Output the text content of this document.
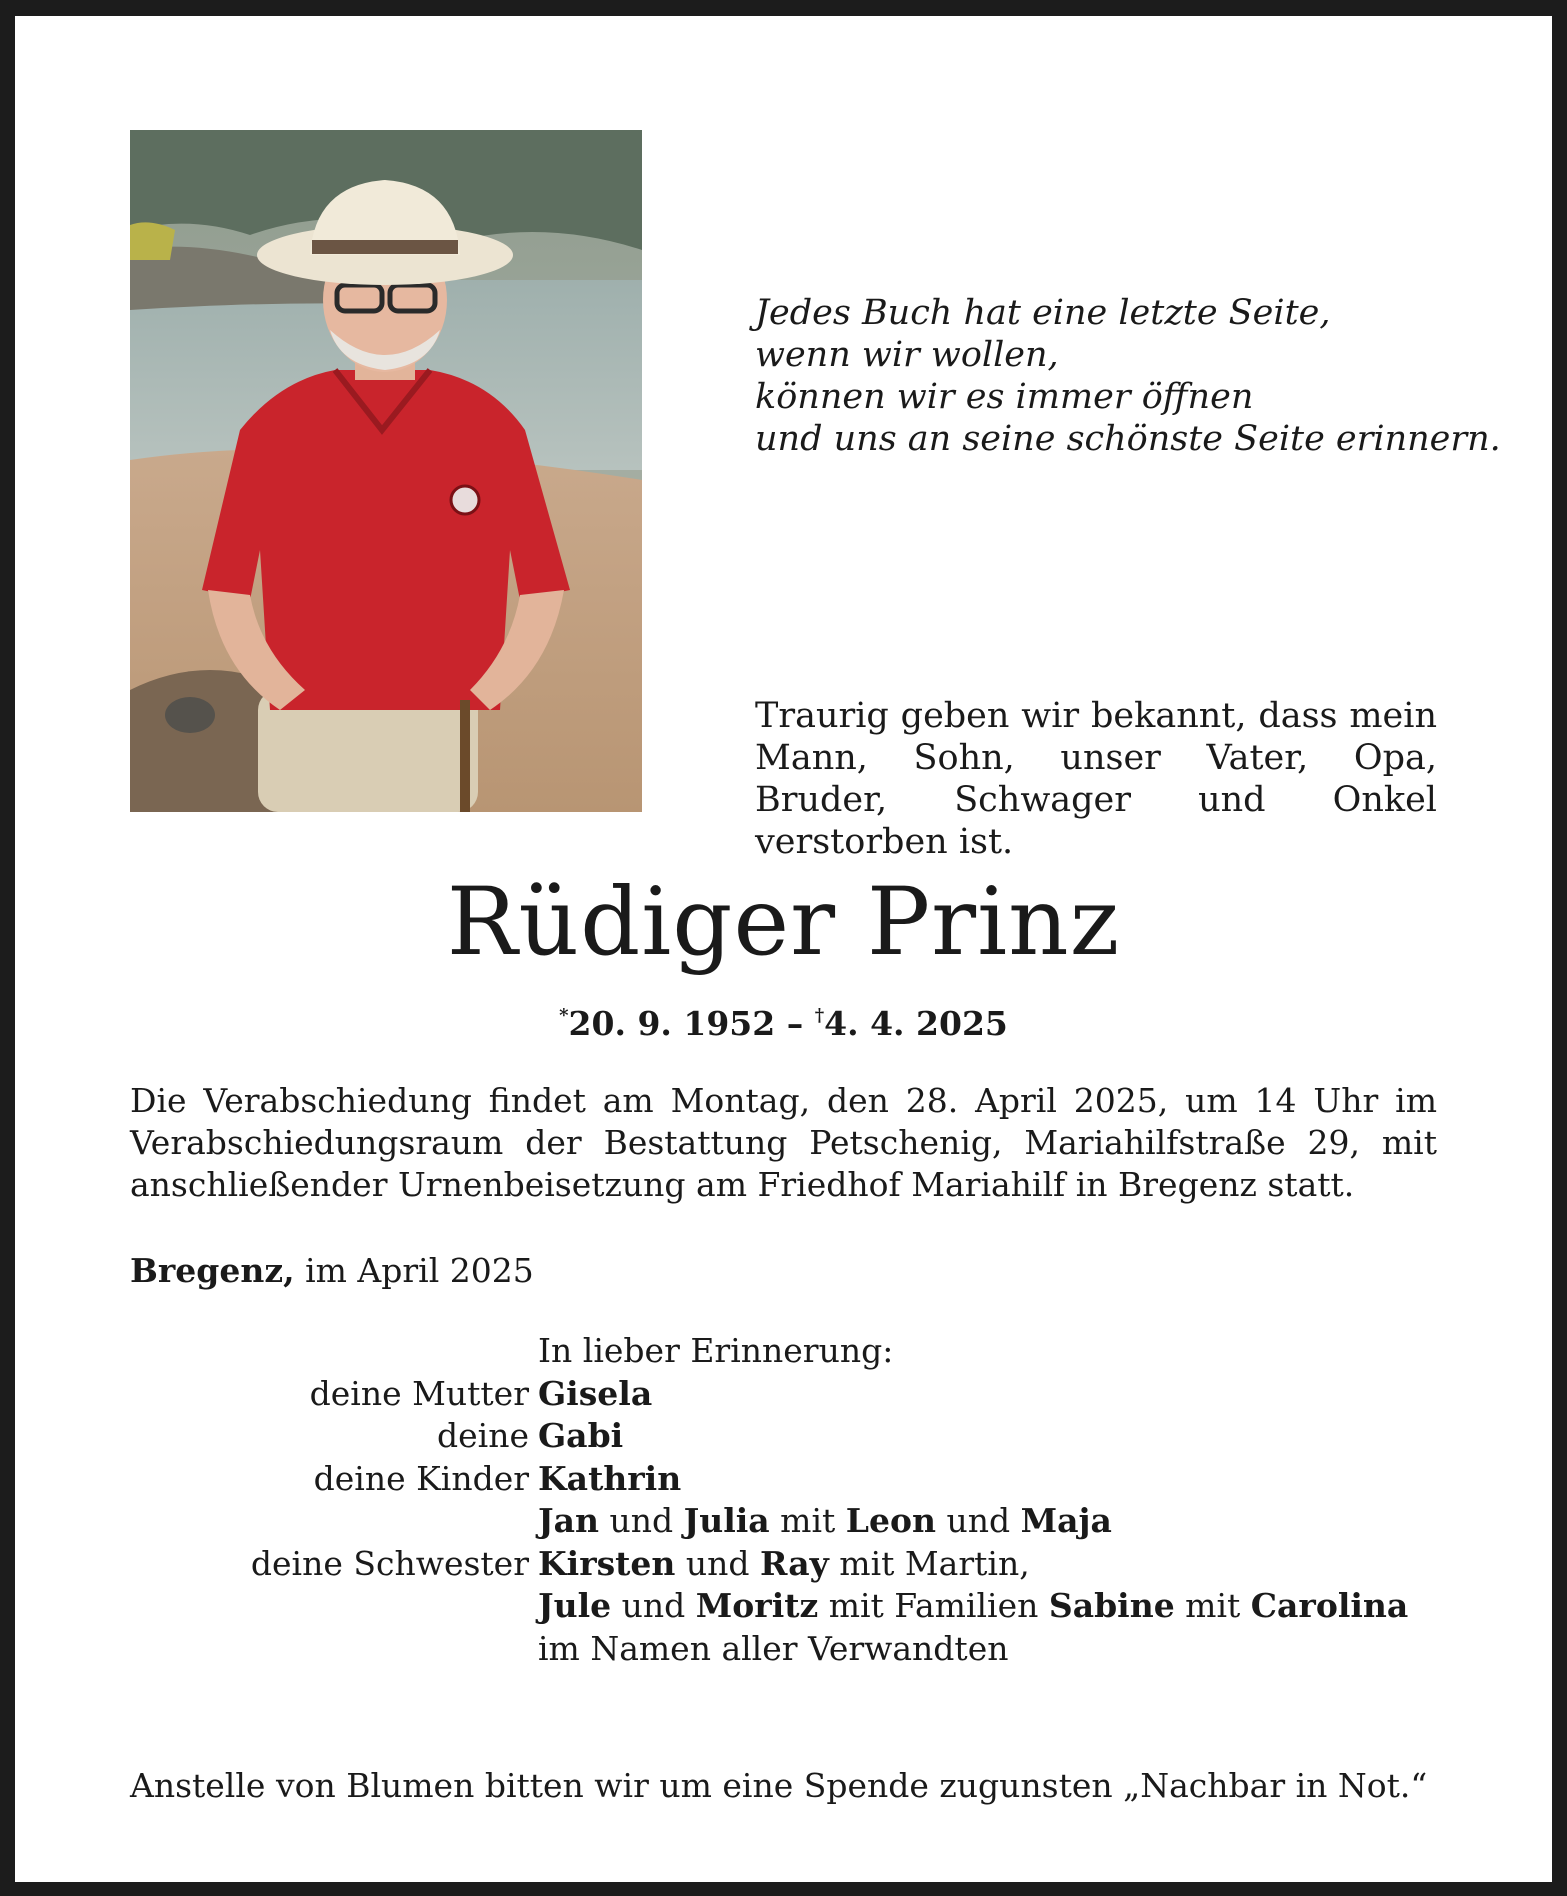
Jedes Buch hat eine letzte Seite,
wenn wir wollen,
können wir es immer öffnen
und uns an seine schönste Seite erinnern.
Traurig geben wir bekannt, dass mein Mann, Sohn, unser Vater, Opa, Bruder, Schwager und Onkel verstorben ist.
Rüdiger Prinz
*20. 9. 1952 – †4. 4. 2025
Die Verabschiedung findet am Montag, den 28. April 2025, um 14 Uhr im
Verabschiedungsraum der Bestattung Petschenig, Mariahilfstraße 29, mit
anschließender Urnenbeisetzung am Friedhof Mariahilf in Bregenz statt.
Bregenz, im April 2025
In lieber Erinnerung:
deine Mutter Gisela
deine Gabi
deine Kinder Kathrin
Jan und Julia mit Leon und Maja
deine Schwester Kirsten und Ray mit Martin,
Jule und Moritz mit Familien Sabine mit Carolina
im Namen aller Verwandten
Anstelle von Blumen bitten wir um eine Spende zugunsten „Nachbar in Not.“
